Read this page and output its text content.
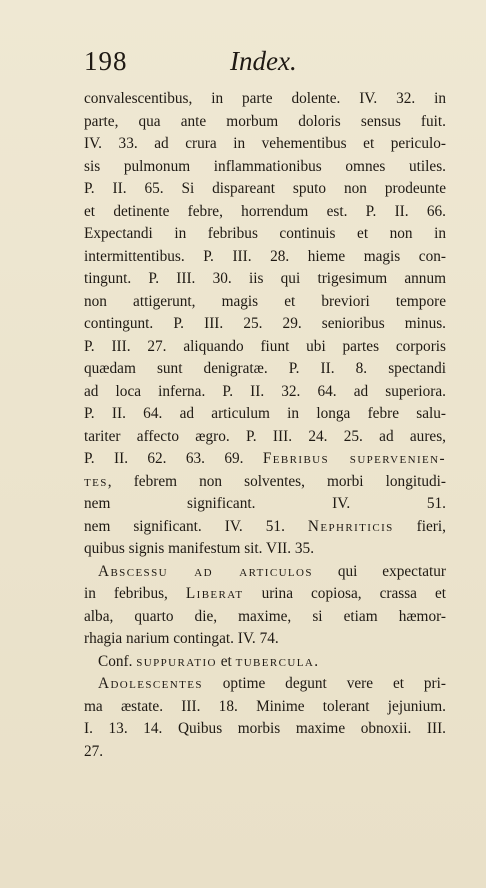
198	Index.
convalescentibus, in parte dolente. IV. 32. in
parte, qua ante morbum doloris sensus fuit.
IV. 33. ad crura in vehementibus et periculo-
sis pulmonum inflammationibus omnes utiles.
P. II. 65. Si dispareant sputo non prodeunte
et detinente febre, horrendum est. P. II. 66.
Expectandi in febribus continuis et non in
intermittentibus. P. III. 28. hieme magis con-
tingunt. P. III. 30. iis qui trigesimum annum
non attigerunt, magis et breviori tempore
contingunt. P. III. 25. 29. senioribus minus.
P. III. 27. aliquando fiunt ubi partes corporis
quædam sunt denigratæ. P. II. 8. spectandi
ad loca inferna. P. II. 32. 64. ad superiora.
P. II. 64. ad articulum in longa febre salu-
tariter affecto ægro. P. III. 24. 25. ad aures,
P. II. 62. 63. 69. Febribus supervenien-
tes, febrem non solventes, morbi longitudi-
nem significant. IV. 51.
nem significant. IV. 51. Nephriticis fieri,
quibus signis manifestum sit. VII. 35.
Abscessu ad articulos qui expectatur
in febribus, Liberat urina copiosa, crassa et
alba, quarto die, maxime, si etiam hæmor-
rhagia narium contingat. IV. 74.
Conf. suppuratio et tubercula.
Adolescentes optime degunt vere et pri-
ma æstate. III. 18. Minime tolerant jejunium.
I. 13. 14. Quibus morbis maxime obnoxii. III.
27.
